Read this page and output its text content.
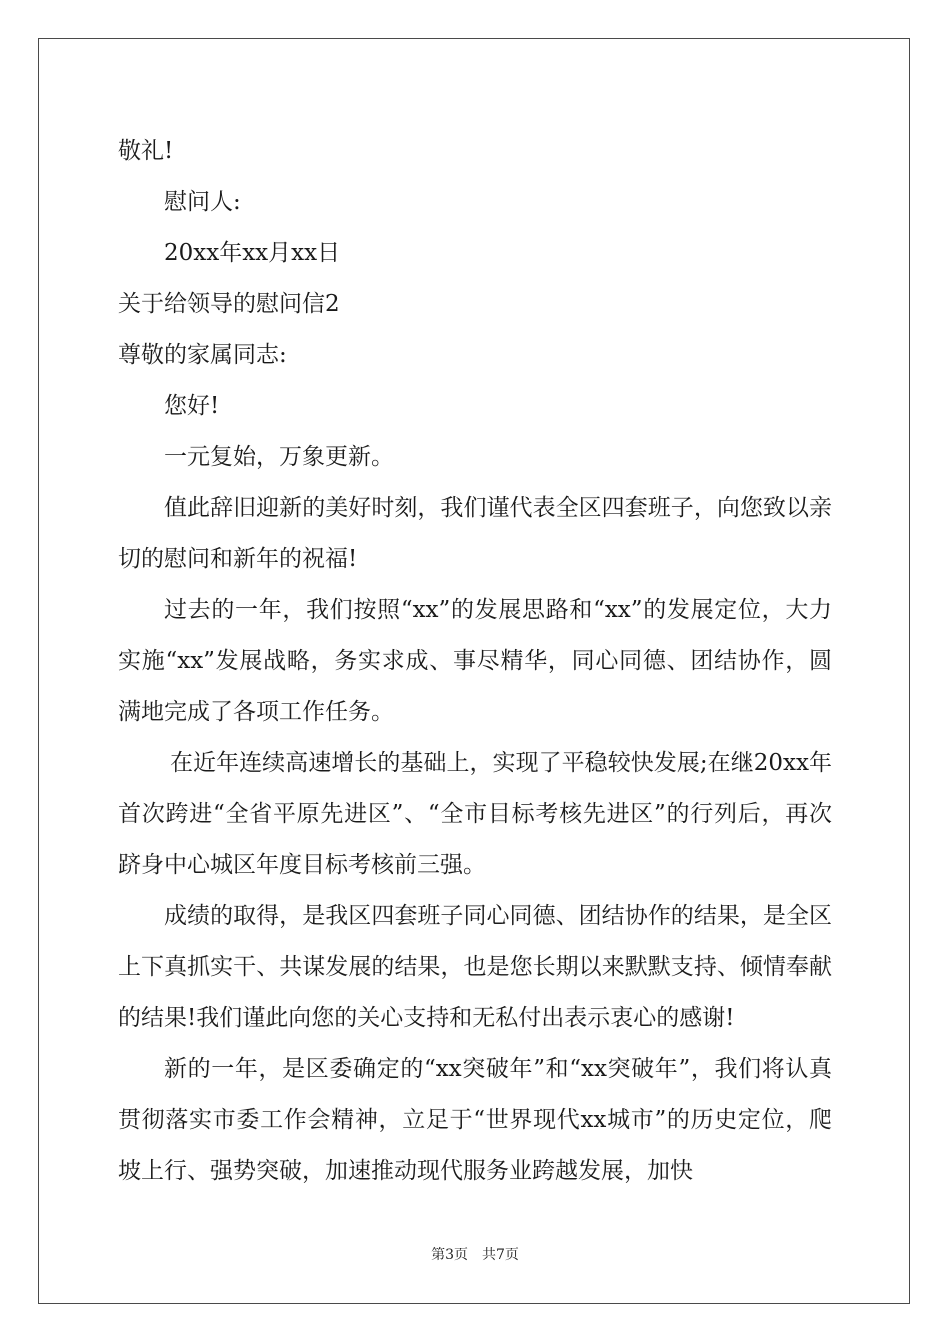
敬礼!
慰问人:
20xx年xx月xx日
关于给领导的慰问信2
尊敬的家属同志:
您好!
一元复始，万象更新。

值此辞旧迎新的美好时刻，我们谨代表全区四套班子，向您致以亲切的慰问和新年的祝福!

过去的一年，我们按照“xx”的发展思路和“xx”的发展定位，大力实施“xx”发展战略，务实求成、事尽精华，同心同德、团结协作，圆满地完成了各项工作任务。

在近年连续高速增长的基础上，实现了平稳较快发展;在继20xx年首次跨进“全省平原先进区”、“全市目标考核先进区”的行列后，再次跻身中心城区年度目标考核前三强。

成绩的取得，是我区四套班子同心同德、团结协作的结果，是全区上下真抓实干、共谋发展的结果，也是您长期以来默默支持、倾情奉献的结果!我们谨此向您的关心支持和无私付出表示衷心的感谢!

新的一年，是区委确定的“xx突破年”和“xx突破年”，我们将认真贯彻落实市委工作会精神，立足于“世界现代xx城市”的历史定位，爬坡上行、强势突破，加速推动现代服务业跨越发展，加快

第3页 共7页
